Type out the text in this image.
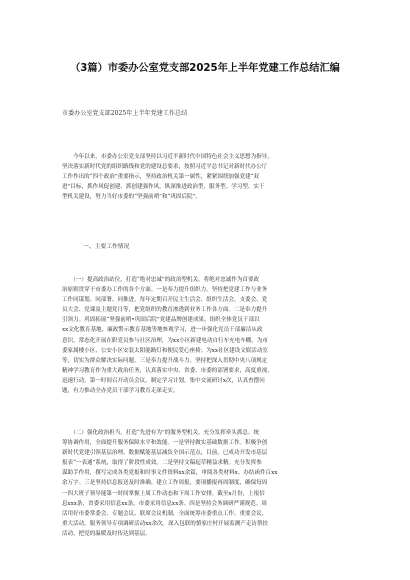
（3篇）市委办公室党支部2025年上半年党建工作总结汇编
市委办公室党支部2025年上半年党建工作总结
　　今年以来，市委办公室党支部坚持以习近平新时代中国特色社会主义思想为指导，
坚决落实新时代党的组织路线和党的建设总要求，按照习近平总书记对新时代办公厅
工作作出的“四个政治”重要指示，坚持政治机关第一属性，紧紧围绕加强党建“双
进”目标，抓作风促创建、抓创建强作风，纵深推进政治型、服务型、学习型、实干
型机关建设，努力当好市委的“坚强前哨”和“巩固后院”。
一、主要工作情况
　　（一）提高政治站位，打造“绝对忠诚”的政治型机关。将绝对忠诚作为首要政
治原则贯穿于市委办工作的各个方面。一是奉力提升组织力。坚持把党建工作与业务
工作同谋划、同部署、同推进，每年定期召开民主生活会、组织生活会，支委会、党
员大会、党课及主题党日等，把党组织的教育渗透到业务工作各方面。二是奉力提升
引领力。巩固拓展“坚强前哨•巩固后院”党建品牌创建成果，组织全体党员干部以
xx文化教育基地、廉政警示教育基地等地参观学习，进一步强化党员干部廉洁从政
意识，常态化开展在职党员参与社区治理，为xx小区新建电动自行车充电车棚，为市
委家属楼小区、公安小区安装太阳能路灯和便民爱心座椅；为xx社区建设文娱活动室
等，切实为群众解决实际问题。三是奉力提升战斗力。坚持把深入贯彻中央八项规定
精神学习教育作为重大政治任务，认真落实中央、省委、市委的部署要求，高度重视、
迅速行动，第一时间召开动员会议，制定学习计划，集中交流研讨x次，认真查摆问
题，有力推动全办党员干部学习教育走深走实。
　　（二）强化政治担当，打造“先进有为”的服务型机关。充分发挥牵头抓总、统
筹协调作用，全面提升服务保障水平和效能。一是坚持做实基础数据工作。积极争创
新时代党建引领基层治理、数据赋能基层减负全国示范点，目前，已成功开发市基层
报表“一表通”系统，取得了阶段性成效。二是坚持文稿起草精益求精。充分发挥参
谋助手作用，撰写完成各类党报和时事文件资料xx余篇，审阅各类材料x。办结函件百xx
余万字。三是坚持信息报送及时准确。建立工作周报，要项播报再周制度，确保每周
一四大班子领导能第一时间掌握上周工作动态和下周工作安排。截至x月份，上报信
息xxx条，省委采用信息xx条，市委采用信息xx条。四是坚持会务调研严谨规范。周
活用好市委常委会、专题会议、联席会议机制，全面统筹市委重点工作、重要会议、
重大活动，服务领导专项调研活动xx余次。深入包联的慎家庄村开展监测产走访帮扶
活动，把党的温暖及时传达到基层。
